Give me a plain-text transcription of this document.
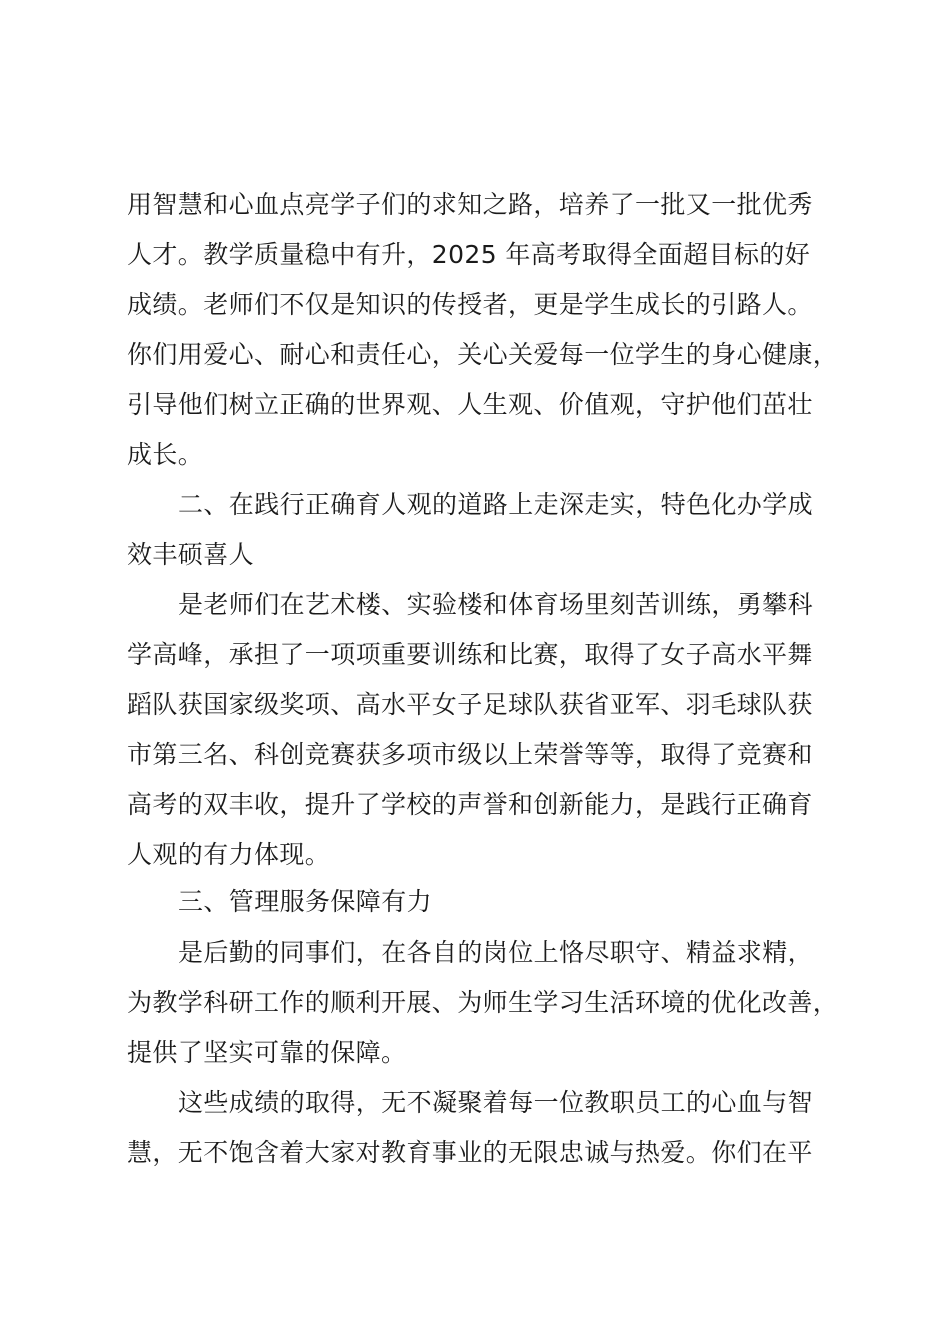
用智慧和心血点亮学子们的求知之路，培养了一批又一批优秀

人才。教学质量稳中有升，2025 年高考取得全面超目标的好

成绩。老师们不仅是知识的传授者，更是学生成长的引路人。

你们用爱心、耐心和责任心，关心关爱每一位学生的身心健康，

引导他们树立正确的世界观、人生观、价值观，守护他们茁壮

成长。

二、在践行正确育人观的道路上走深走实，特色化办学成

效丰硕喜人

是老师们在艺术楼、实验楼和体育场里刻苦训练，勇攀科

学高峰，承担了一项项重要训练和比赛，取得了女子高水平舞

蹈队获国家级奖项、高水平女子足球队获省亚军、羽毛球队获

市第三名、科创竞赛获多项市级以上荣誉等等，取得了竞赛和

高考的双丰收，提升了学校的声誉和创新能力，是践行正确育

人观的有力体现。

三、管理服务保障有力

是后勤的同事们，在各自的岗位上恪尽职守、精益求精，

为教学科研工作的顺利开展、为师生学习生活环境的优化改善，

提供了坚实可靠的保障。

这些成绩的取得，无不凝聚着每一位教职员工的心血与智

慧，无不饱含着大家对教育事业的无限忠诚与热爱。你们在平
